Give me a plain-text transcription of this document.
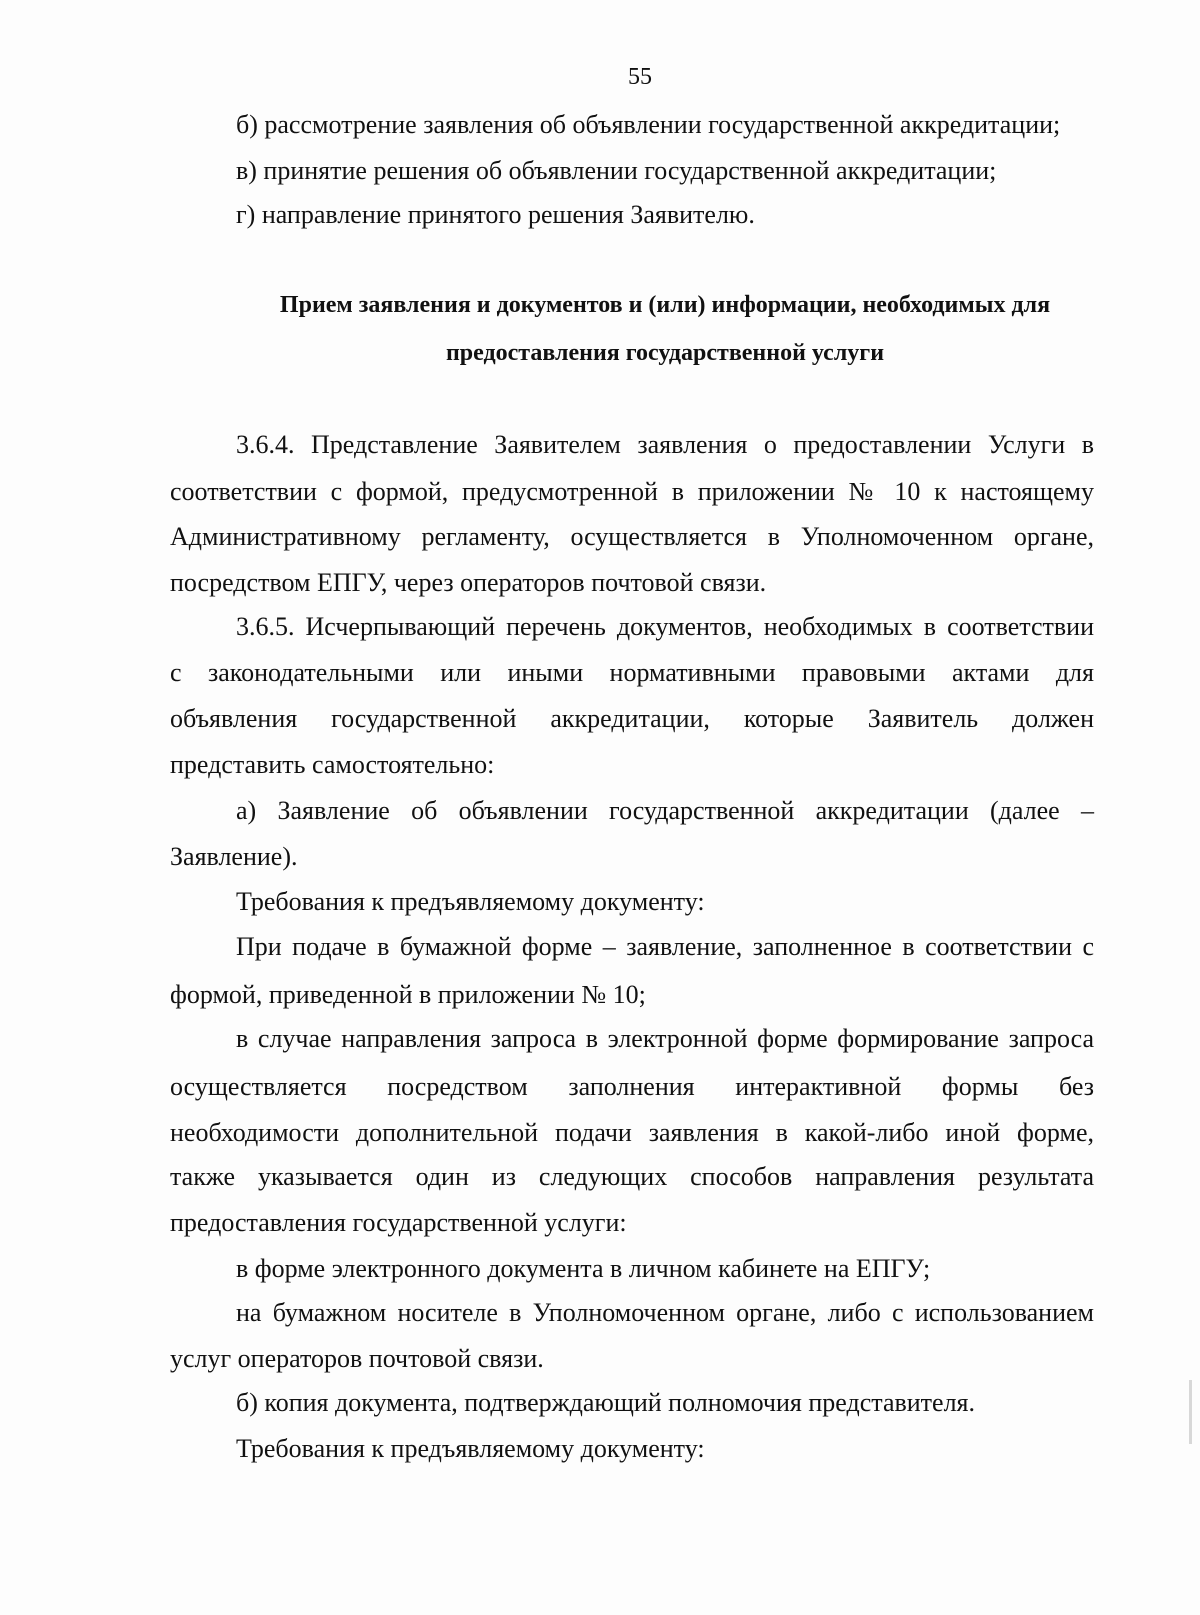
55
б) рассмотрение заявления об объявлении государственной аккредитации;
в) принятие решения об объявлении государственной аккредитации;
г) направление принятого решения Заявителю.
Прием заявления и документов и (или) информации, необходимых для
предоставления государственной услуги
3.6.4. Представление Заявителем заявления о предоставлении Услуги в
соответствии с формой, предусмотренной в приложении № 10 к настоящему
Административному регламенту, осуществляется в Уполномоченном органе,
посредством ЕПГУ, через операторов почтовой связи.
3.6.5. Исчерпывающий перечень документов, необходимых в соответствии
с законодательными или иными нормативными правовыми актами для
объявления государственной аккредитации, которые Заявитель должен
представить самостоятельно:
а) Заявление об объявлении государственной аккредитации (далее –
Заявление).
Требования к предъявляемому документу:
При подаче в бумажной форме – заявление, заполненное в соответствии с
формой, приведенной в приложении № 10;
в случае направления запроса в электронной форме формирование запроса
осуществляется посредством заполнения интерактивной формы без
необходимости дополнительной подачи заявления в какой-либо иной форме,
также указывается один из следующих способов направления результата
предоставления государственной услуги:
в форме электронного документа в личном кабинете на ЕПГУ;
на бумажном носителе в Уполномоченном органе, либо с использованием
услуг операторов почтовой связи.
б) копия документа, подтверждающий полномочия представителя.
Требования к предъявляемому документу:
